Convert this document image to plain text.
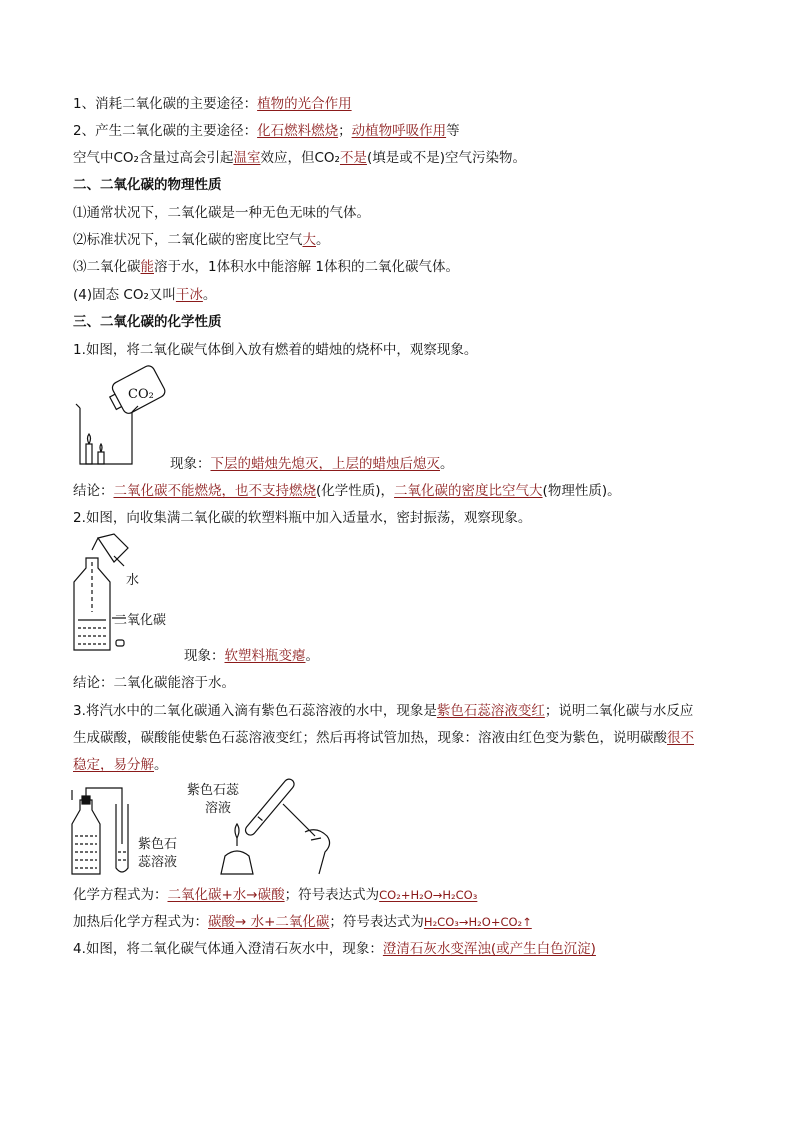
1、消耗二氧化碳的主要途径：植物的光合作用
2、产生二氧化碳的主要途径：化石燃料燃烧；动植物呼吸作用等
空气中CO₂含量过高会引起温室效应，但CO₂不是(填是或不是)空气污染物。
二、二氧化碳的物理性质
⑴通常状况下，二氧化碳是一种无色无味的气体。
⑵标准状况下，二氧化碳的密度比空气大。
⑶二氧化碳能溶于水，1体积水中能溶解 1体积的二氧化碳气体。
(4)固态 CO₂又叫干冰。
三、二氧化碳的化学性质
1.如图，将二氧化碳气体倒入放有燃着的蜡烛的烧杯中，观察现象。
CO₂
现象：下层的蜡烛先熄灭，上层的蜡烛后熄灭。
结论：二氧化碳不能燃烧，也不支持燃烧(化学性质)，二氧化碳的密度比空气大(物理性质)。
2.如图，向收集满二氧化碳的软塑料瓶中加入适量水，密封振荡，观察现象。
水
二氧化碳
现象：软塑料瓶变瘪。
结论：二氧化碳能溶于水。
3.将汽水中的二氧化碳通入滴有紫色石蕊溶液的水中，现象是紫色石蕊溶液变红；说明二氧化碳与水反应
生成碳酸，碳酸能使紫色石蕊溶液变红；然后再将试管加热，现象：溶液由红色变为紫色，说明碳酸很不
稳定，易分解。
紫色石
蕊溶液
紫色石蕊
溶液
化学方程式为：二氧化碳+水→碳酸；符号表达式为CO₂+H₂O→H₂CO₃
加热后化学方程式为：碳酸→ 水+二氧化碳；符号表达式为H₂CO₃→H₂O+CO₂↑
4.如图，将二氧化碳气体通入澄清石灰水中，现象：澄清石灰水变浑浊(或产生白色沉淀)
